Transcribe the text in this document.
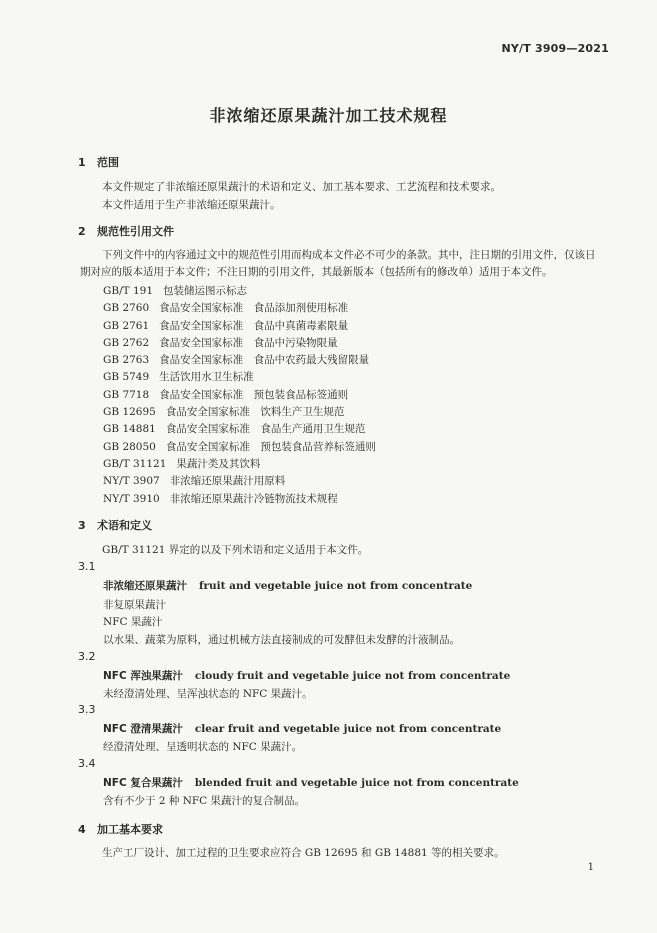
NY/T 3909—2021
非浓缩还原果蔬汁加工技术规程
1 范围
本文件规定了非浓缩还原果蔬汁的术语和定义、加工基本要求、工艺流程和技术要求。
本文件适用于生产非浓缩还原果蔬汁。
2 规范性引用文件
下列文件中的内容通过文中的规范性引用而构成本文件必不可少的条款。其中，注日期的引用文件，仅该日期对应的版本适用于本文件；不注日期的引用文件，其最新版本（包括所有的修改单）适用于本文件。
GB/T 191 包装储运图示标志
GB 2760 食品安全国家标准　食品添加剂使用标准
GB 2761 食品安全国家标准　食品中真菌毒素限量
GB 2762 食品安全国家标准　食品中污染物限量
GB 2763 食品安全国家标准　食品中农药最大残留限量
GB 5749 生活饮用水卫生标准
GB 7718 食品安全国家标准　预包装食品标签通则
GB 12695 食品安全国家标准　饮料生产卫生规范
GB 14881 食品安全国家标准　食品生产通用卫生规范
GB 28050 食品安全国家标准　预包装食品营养标签通则
GB/T 31121 果蔬汁类及其饮料
NY/T 3907 非浓缩还原果蔬汁用原料
NY/T 3910 非浓缩还原果蔬汁冷链物流技术规程
3 术语和定义
GB/T 31121 界定的以及下列术语和定义适用于本文件。
3.1
非浓缩还原果蔬汁 fruit and vegetable juice not from concentrate
非复原果蔬汁
NFC 果蔬汁
以水果、蔬菜为原料，通过机械方法直接制成的可发酵但未发酵的汁液制品。
3.2
NFC 浑浊果蔬汁 cloudy fruit and vegetable juice not from concentrate
未经澄清处理、呈浑浊状态的 NFC 果蔬汁。
3.3
NFC 澄清果蔬汁 clear fruit and vegetable juice not from concentrate
经澄清处理、呈透明状态的 NFC 果蔬汁。
3.4
NFC 复合果蔬汁 blended fruit and vegetable juice not from concentrate
含有不少于 2 种 NFC 果蔬汁的复合制品。
4 加工基本要求
生产工厂设计、加工过程的卫生要求应符合 GB 12695 和 GB 14881 等的相关要求。
1
